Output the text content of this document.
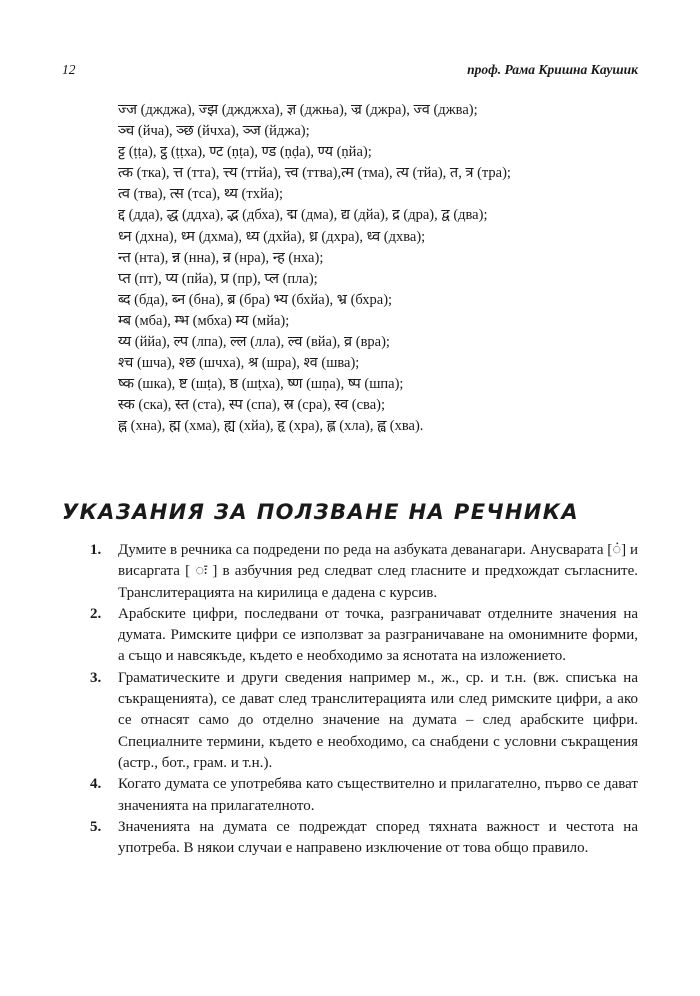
12	проф. Рама Кришна Каушик
ज्ज (джджа), ज्झ (джджха), ज्ञ (джња), ज्र (джра), ज्व (джва);
ञ्च (йча), ञ्छ (йчха), ञ्ज (йджа);
ट्ट (ṭṭа), ट्ठ (ṭṭха), ण्ट (ṇṭа), ण्ड (ṇḍа), ण्य (ṇйа);
त्क (тка), त्त (тта), त्त्य (ттйа), त्त्व (ттва),त्म (тма), त्य (тйа), त, त्र (тра);
त्व (тва), त्स (тса), थ्य (тхйа);
द्द (дда), द्ध (ддха), द्भ (дбха), द्म (дма), द्य (дйа), द्र (дра), द्व (два);
ध्न (дхна), ध्म (дхма), ध्य (дхйа), ध्र (дхра), ध्व (дхва);
न्त (нта), न्न (нна), न्र (нра), न्ह (нха);
प्त (пт), प्य (пйа), प्र (пр), प्ल (пла);
ब्द (бда), ब्न (бна), ब्र (бра) भ्य (бхйа), भ्र (бхра);
म्ब (мба), म्भ (мбха) म्य (мйа);
य्य (ййа), ल्प (лпа), ल्ल (лла), ल्व (вйа), व्र (вра);
श्च (шча), श्छ (шчха), श्र (шра), श्व (шва);
ष्क (шка), ष्ट (шṭа), ष्ठ (шṭха), ष्ण (шṇа), ष्प (шпа);
स्क (ска), स्त (ста), स्प (спа), स्र (сра), स्व (сва);
ह्न (хна), ह्म (хма), ह्य (хйа), हृ (хра), ह्ल (хла), ह्व (хва).
УКАЗАНИЯ ЗА ПОЛЗВАНЕ НА РЕЧНИКА
1. Думите в речника са подредени по реда на азбуката деванагари. Анусварата [ं] и висаргата [ ः ] в азбучния ред следват след гласните и предхождат съгласните. Транслитерацията на кирилица е дадена с курсив.
2. Арабските цифри, последвани от точка, разграничават отделните значения на думата. Римските цифри се използват за разграничаване на омонимните форми, а също и навсякъде, където е необходимо за яснотата на изложението.
3. Граматическите и други сведения например м., ж., ср. и т.н. (вж. списъка на съкращенията), се дават след транслитерацията или след римските цифри, а ако се отнасят само до отделно значение на думата – след арабските цифри. Специалните термини, където е необходимо, са снабдени с условни съкращения (астр., бот., грам. и т.н.).
4. Когато думата се употребява като съществително и прилагателно, първо се дават значенията на прилагателното.
5. Значенията на думата се подреждат според тяхната важност и честота на употреба. В някои случаи е направено изключение от това общо правило.
